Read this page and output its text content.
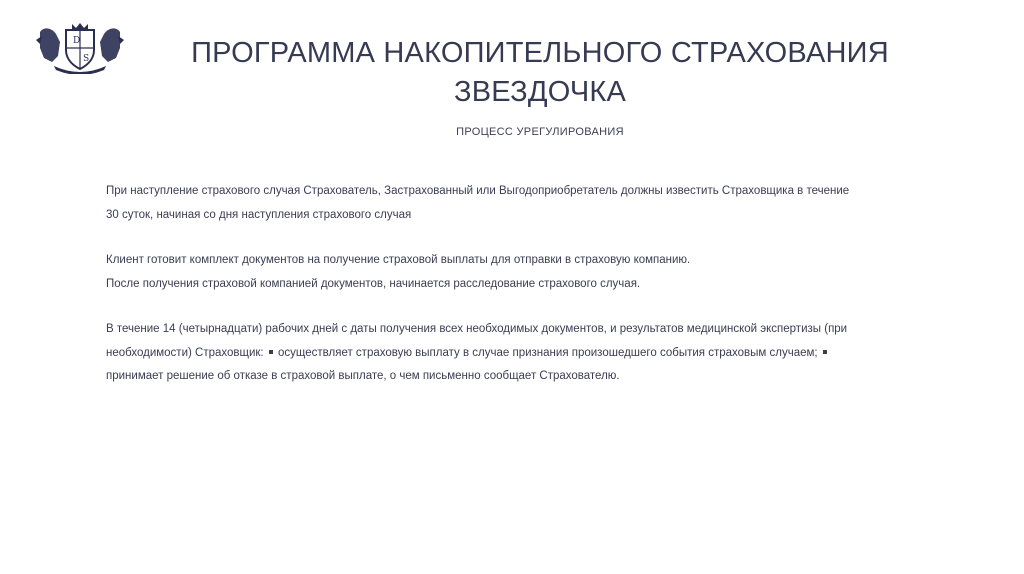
D
S	ПРОГРАММА НАКОПИТЕЛЬНОГО СТРАХОВАНИЯ
ЗВЕЗДОЧКА

ПРОЦЕСС УРЕГУЛИРОВАНИЯ

При наступление страхового случая Страхователь, Застрахованный или Выгодоприобретатель должны известить Страховщика в течение
30 суток, начиная со дня наступления страхового случая

Клиент готовит комплект документов на получение страховой выплаты для отправки в страховую компанию.
После получения страховой компанией документов, начинается расследование страхового случая.

В течение 14 (четырнадцати) рабочих дней с даты получения всех необходимых документов, и результатов медицинской экспертизы (при
необходимости) Страховщик: осуществляет страховую выплату в случае признания произошедшего события страховым случаем;
принимает решение об отказе в страховой выплате, о чем письменно сообщает Страхователю.
